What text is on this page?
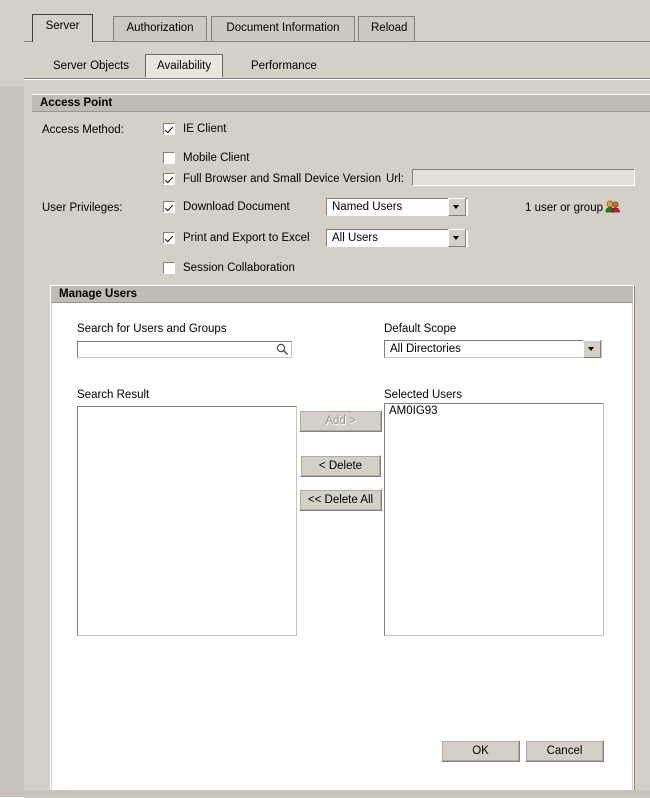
Server	Authorization	Document Information	Reload
Server Objects	Availability	Performance
Access Point
Access Method:	IE Client
Mobile Client
Full Browser and Small Device Version Url:
User Privileges:	Download Document	Named Users	1 user or group
Print and Export to Excel	All Users
Session Collaboration
Manage Users
Search for Users and Groups	Default Scope
All Directories
Search Result	Selected Users
AM0IG93
Add >
< Delete
<< Delete All
OK	Cancel
